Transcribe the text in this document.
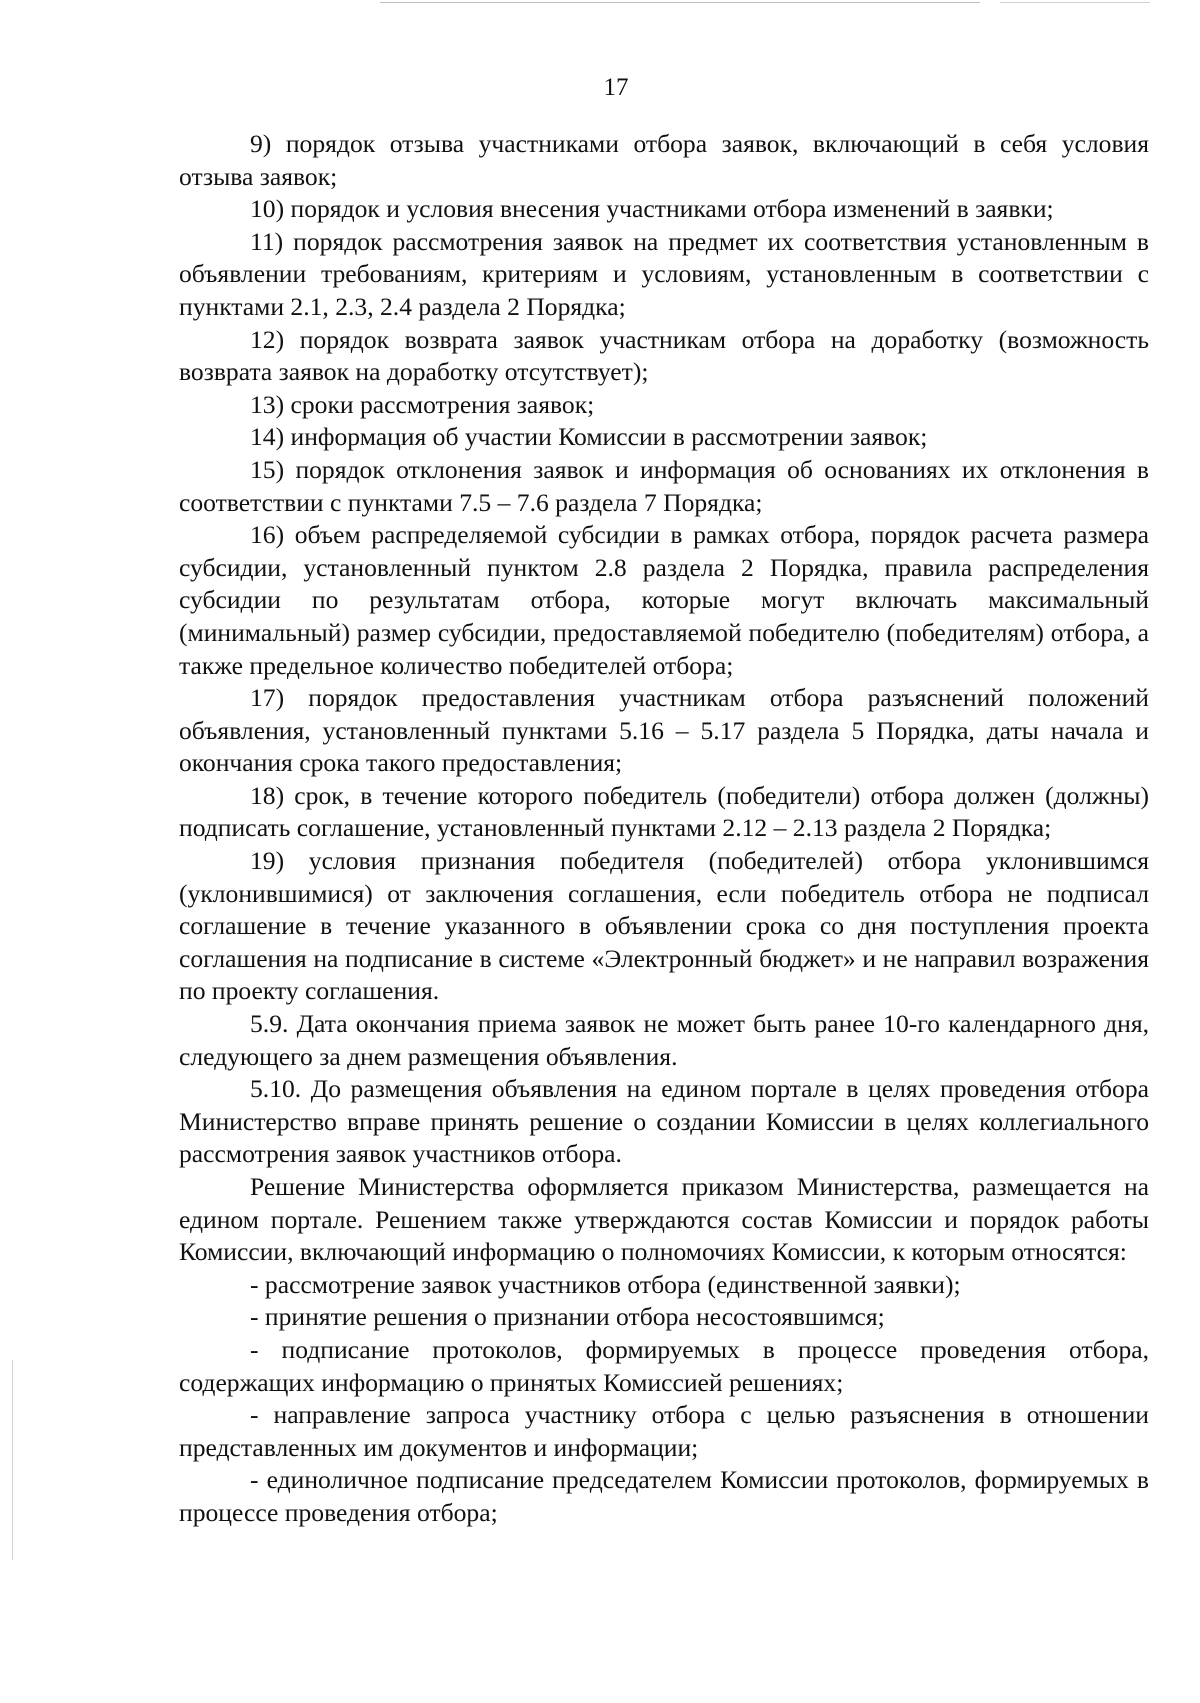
17

9) порядок отзыва участниками отбора заявок, включающий в себя условия отзыва заявок;

10) порядок и условия внесения участниками отбора изменений в заявки;

11) порядок рассмотрения заявок на предмет их соответствия установленным в объявлении требованиям, критериям и условиям, установленным в соответствии с пунктами 2.1, 2.3, 2.4 раздела 2 Порядка;

12) порядок возврата заявок участникам отбора на доработку (возможность возврата заявок на доработку отсутствует);

13) сроки рассмотрения заявок;

14) информация об участии Комиссии в рассмотрении заявок;

15) порядок отклонения заявок и информация об основаниях их отклонения в соответствии с пунктами 7.5 – 7.6 раздела 7 Порядка;

16) объем распределяемой субсидии в рамках отбора, порядок расчета размера субсидии, установленный пунктом 2.8 раздела 2 Порядка, правила распределения субсидии по результатам отбора, которые могут включать максимальный (минимальный) размер субсидии, предоставляемой победителю (победителям) отбора, а также предельное количество победителей отбора;

17) порядок предоставления участникам отбора разъяснений положений объявления, установленный пунктами 5.16 – 5.17 раздела 5 Порядка, даты начала и окончания срока такого предоставления;

18) срок, в течение которого победитель (победители) отбора должен (должны) подписать соглашение, установленный пунктами 2.12 – 2.13 раздела 2 Порядка;

19) условия признания победителя (победителей) отбора уклонившимся (уклонившимися) от заключения соглашения, если победитель отбора не подписал соглашение в течение указанного в объявлении срока со дня поступления проекта соглашения на подписание в системе «Электронный бюджет» и не направил возражения по проекту соглашения.

5.9. Дата окончания приема заявок не может быть ранее 10-го календарного дня, следующего за днем размещения объявления.

5.10. До размещения объявления на едином портале в целях проведения отбора Министерство вправе принять решение о создании Комиссии в целях коллегиального рассмотрения заявок участников отбора.

Решение Министерства оформляется приказом Министерства, размещается на едином портале. Решением также утверждаются состав Комиссии и порядок работы Комиссии, включающий информацию о полномочиях Комиссии, к которым относятся:

- рассмотрение заявок участников отбора (единственной заявки);

- принятие решения о признании отбора несостоявшимся;

- подписание протоколов, формируемых в процессе проведения отбора, содержащих информацию о принятых Комиссией решениях;

- направление запроса участнику отбора с целью разъяснения в отношении представленных им документов и информации;

- единоличное подписание председателем Комиссии протоколов, формируемых в процессе проведения отбора;
